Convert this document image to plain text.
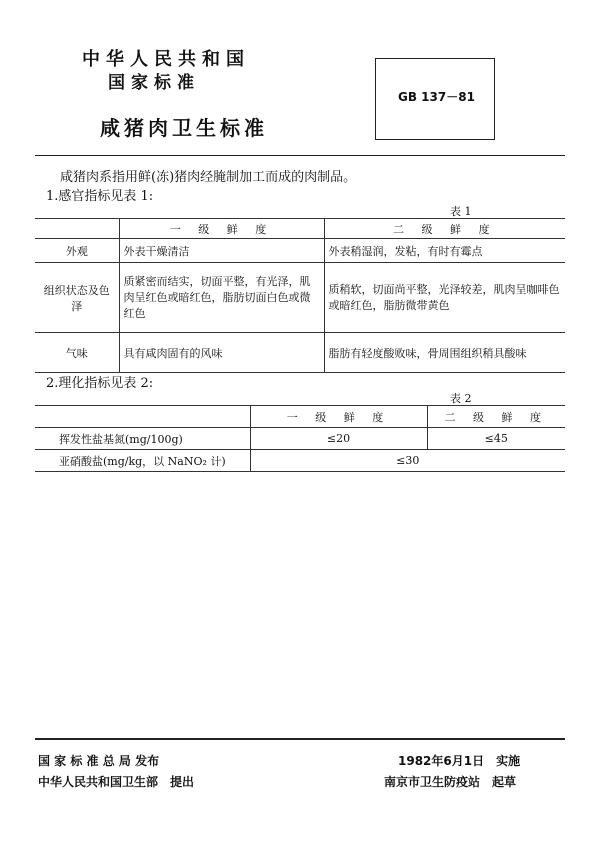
中华人民共和国
国家标准
咸猪肉卫生标准
GB 137－81
咸猪肉系指用鲜(冻)猪肉经腌制加工而成的肉制品。
1.感官指标见表 1:
表 1
	一 级 鲜 度	二 级 鲜 度
外观	外表干燥清洁	外表稍湿润，发粘，有时有霉点
组织状态及色泽	质紧密而结实，切面平整，有光泽，肌肉呈红色或暗红色，脂肪切面白色或微红色	质稍软，切面尚平整，光泽较差，肌肉呈咖啡色或暗红色，脂肪微带黄色
气味	具有咸肉固有的风味	脂肪有轻度酸败味，骨周围组织稍具酸味
2.理化指标见表 2:
表 2
	一 级 鲜 度	二 级 鲜 度
挥发性盐基氮(mg/100g)	≤20	≤45
亚硝酸盐(mg/kg，以 NaNO₂ 计)	≤30	
国 家 标 准 总 局 发布
中华人民共和国卫生部　提出
1982年6月1日　实施
南京市卫生防疫站　起草
